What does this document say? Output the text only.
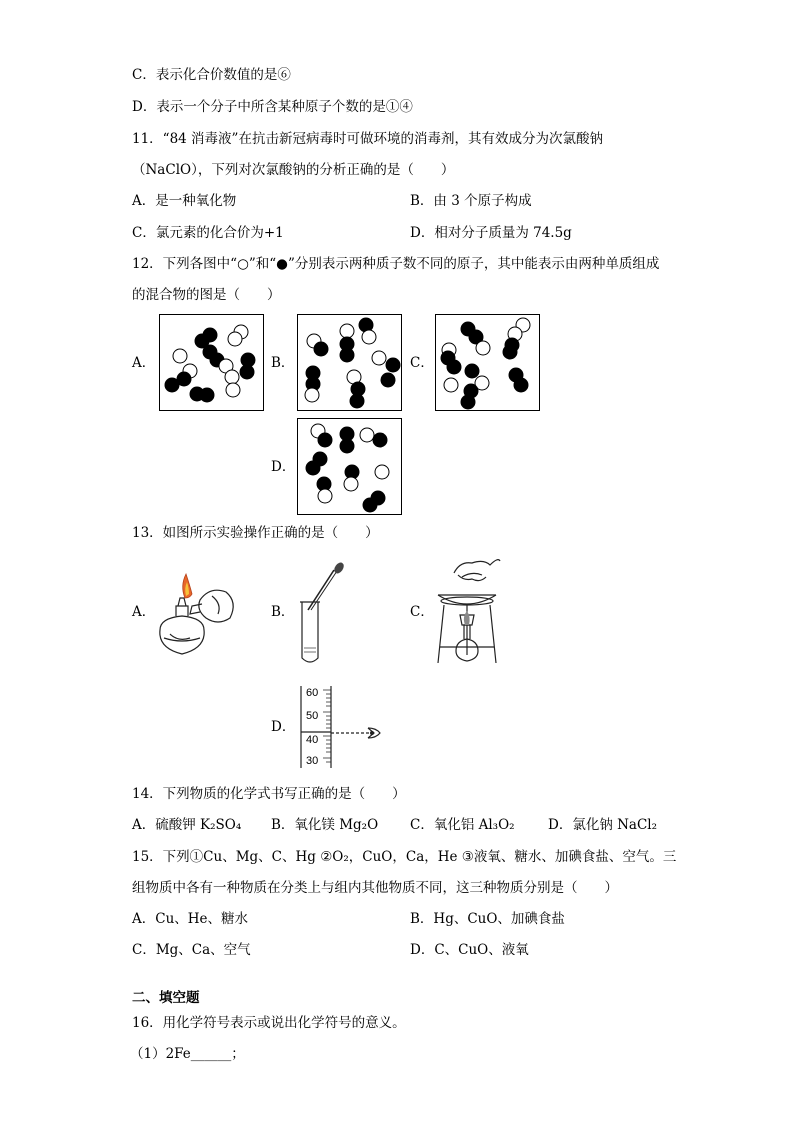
C．表示化合价数值的是⑥
D．表示一个分子中所含某种原子个数的是①④
11．“84 消毒液”在抗击新冠病毒时可做环境的消毒剂，其有效成分为次氯酸钠
（NaClO），下列对次氯酸钠的分析正确的是（　　）
A．是一种氧化物	B．由 3 个原子构成
C．氯元素的化合价为+1	D．相对分子质量为 74.5g
12．下列各图中“○”和“●”分别表示两种质子数不同的原子，其中能表示由两种单质组成
的混合物的图是（　　）
A．	B．	C．
D．
13．如图所示实验操作正确的是（　　）
A．	B．	C．
D．
60
50
40
30
14．下列物质的化学式书写正确的是（　　）
A．硫酸钾 K₂SO₄ B．氧化镁 Mg₂O C．氧化铝 Al₃O₂ D．氯化钠 NaCl₂
15．下列①Cu、Mg、C、Hg ②O₂，CuO，Ca，He ③液氧、糖水、加碘食盐、空气。三
组物质中各有一种物质在分类上与组内其他物质不同，这三种物质分别是（　　）
A．Cu、He、糖水	B．Hg、CuO、加碘食盐
C．Mg、Ca、空气	D．C、CuO、液氧
二、填空题
16．用化学符号表示或说出化学符号的意义。
（1）2Fe______；
